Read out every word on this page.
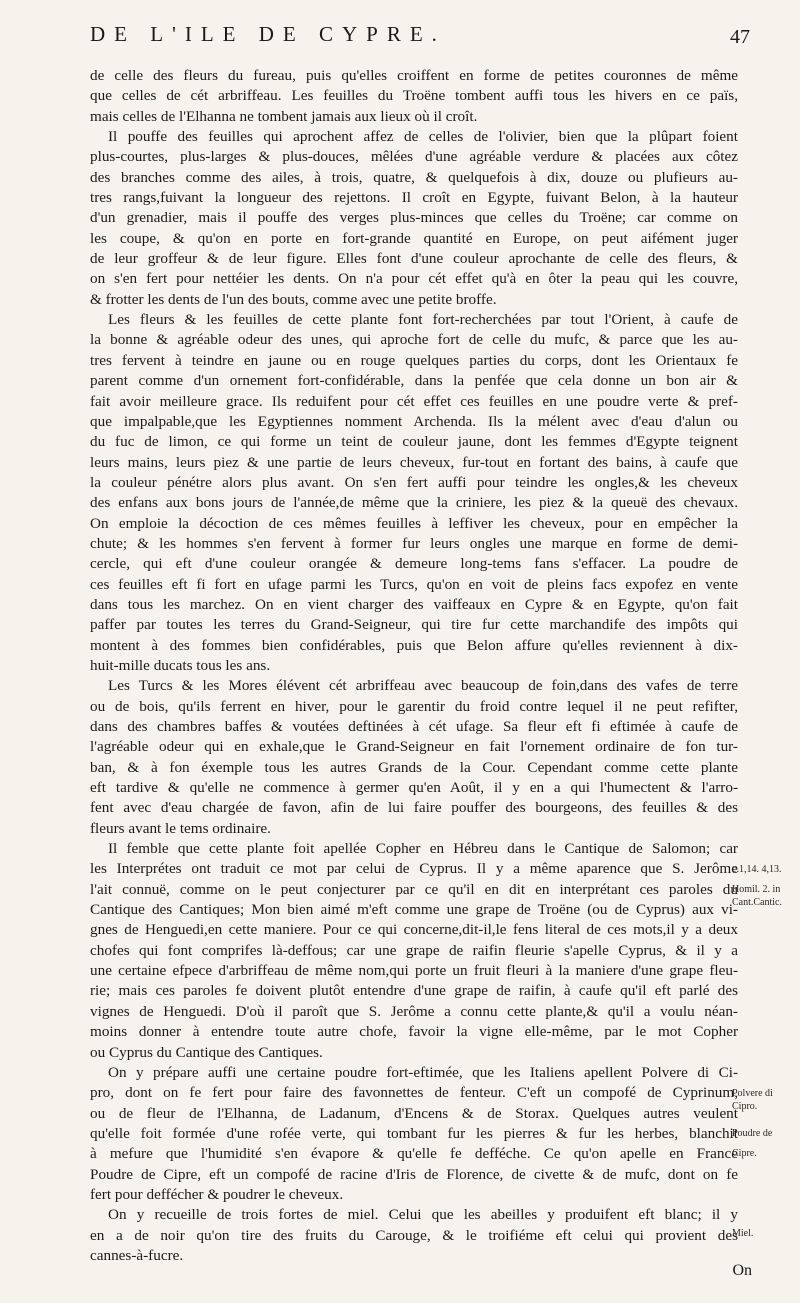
DE L'ILE DE CYPRE.	47
de celle des fleurs du fureau, puis qu'elles croiffent en forme de petites couronnes de même
que celles de cét arbriffeau. Les feuilles du Troëne tombent auffi tous les hivers en ce païs,
mais celles de l'Elhanna ne tombent jamais aux lieux où il croît.
Il pouffe des feuilles qui aprochent affez de celles de l'olivier, bien que la plûpart foient
plus-courtes, plus-larges & plus-douces, mêlées d'une agréable verdure & placées aux côtez
des branches comme des ailes, à trois, quatre, & quelquefois à dix, douze ou plufieurs au-
tres rangs,fuivant la longueur des rejettons. Il croît en Egypte, fuivant Belon, à la hauteur
d'un grenadier, mais il pouffe des verges plus-minces que celles du Troëne; car comme on
les coupe, & qu'on en porte en fort-grande quantité en Europe, on peut aifément juger
de leur groffeur & de leur figure. Elles font d'une couleur aprochante de celle des fleurs, &
on s'en fert pour nettéier les dents. On n'a pour cét effet qu'à en ôter la peau qui les couvre,
& frotter les dents de l'un des bouts, comme avec une petite broffe.
Les fleurs & les feuilles de cette plante font fort-recherchées par tout l'Orient, à caufe de
la bonne & agréable odeur des unes, qui aproche fort de celle du mufc, & parce que les au-
tres fervent à teindre en jaune ou en rouge quelques parties du corps, dont les Orientaux fe
parent comme d'un ornement fort-confidérable, dans la penfée que cela donne un bon air &
fait avoir meilleure grace. Ils reduifent pour cét effet ces feuilles en une poudre verte & pref-
que impalpable,que les Egyptiennes nomment Archenda. Ils la mélent avec d'eau d'alun ou
du fuc de limon, ce qui forme un teint de couleur jaune, dont les femmes d'Egypte teignent
leurs mains, leurs piez & une partie de leurs cheveux, fur-tout en fortant des bains, à caufe que
la couleur pénétre alors plus avant. On s'en fert auffi pour teindre les ongles,& les cheveux
des enfans aux bons jours de l'année,de même que la criniere, les piez & la queuë des chevaux.
On emploie la décoction de ces mêmes feuilles à leffiver les cheveux, pour en empêcher la
chute; & les hommes s'en fervent à former fur leurs ongles une marque en forme de demi-
cercle, qui eft d'une couleur orangée & demeure long-tems fans s'effacer. La poudre de
ces feuilles eft fi fort en ufage parmi les Turcs, qu'on en voit de pleins facs expofez en vente
dans tous les marchez. On en vient charger des vaiffeaux en Cypre & en Egypte, qu'on fait
paffer par toutes les terres du Grand-Seigneur, qui tire fur cette marchandife des impôts qui
montent à des fommes bien confidérables, puis que Belon affure qu'elles reviennent à dix-
huit-mille ducats tous les ans.
Les Turcs & les Mores élévent cét arbriffeau avec beaucoup de foin,dans des vafes de terre
ou de bois, qu'ils ferrent en hiver, pour le garentir du froid contre lequel il ne peut refifter,
dans des chambres baffes & voutées deftinées à cét ufage. Sa fleur eft fi eftimée à caufe de
l'agréable odeur qui en exhale,que le Grand-Seigneur en fait l'ornement ordinaire de fon tur-
ban, & à fon éxemple tous les autres Grands de la Cour. Cependant comme cette plante
eft tardive & qu'elle ne commence à germer qu'en Août, il y en a qui l'humectent & l'arro-
fent avec d'eau chargée de favon, afin de lui faire pouffer des bourgeons, des feuilles & des
fleurs avant le tems ordinaire.
Il femble que cette plante foit apellée Copher en Hébreu dans le Cantique de Salomon; car
les Interprétes ont traduit ce mot par celui de Cyprus. Il y a même aparence que S. Jerôme
l'ait connuë, comme on le peut conjecturer par ce qu'il en dit en interprétant ces paroles du
Cantique des Cantiques; Mon bien aimé m'eft comme une grape de Troëne (ou de Cyprus) aux vi-
gnes de Henguedi,en cette maniere. Pour ce qui concerne,dit-il,le fens literal de ces mots,il y a deux
chofes qui font comprifes là-deffous; car une grape de raifin fleurie s'apelle Cyprus, & il y a
une certaine efpece d'arbriffeau de même nom,qui porte un fruit fleuri à la maniere d'une grape fleu-
rie; mais ces paroles fe doivent plutôt entendre d'une grape de raifin, à caufe qu'il eft parlé des
vignes de Henguedi. D'où il paroît que S. Jerôme a connu cette plante,& qu'il a voulu néan-
moins donner à entendre toute autre chofe, favoir la vigne elle-même, par le mot Copher
ou Cyprus du Cantique des Cantiques.
On y prépare auffi une certaine poudre fort-eftimée, que les Italiens apellent Polvere di Ci-
pro, dont on fe fert pour faire des favonnettes de fenteur. C'eft un compofé de Cyprinum,
ou de fleur de l'Elhanna, de Ladanum, d'Encens & de Storax. Quelques autres veulent
qu'elle foit formée d'une rofée verte, qui tombant fur les pierres & fur les herbes, blanchit
à mefure que l'humidité s'en évapore & qu'elle fe defféche. Ce qu'on apelle en France
Poudre de Cipre, eft un compofé de racine d'Iris de Florence, de civette & de mufc, dont on fe
fert pour deffécher & poudrer le cheveux.
On y recueille de trois fortes de miel. Celui que les abeilles y produifent eft blanc; il y
en a de noir qu'on tire des fruits du Carouge, & le troifiéme eft celui qui provient des
cannes-à-fucre.
c.1,14. 4,13.
Homil. 2. in
Cant.Cantic.
Polvere di
Cipro.
Poudre de
Cipre.
Miel.
On
